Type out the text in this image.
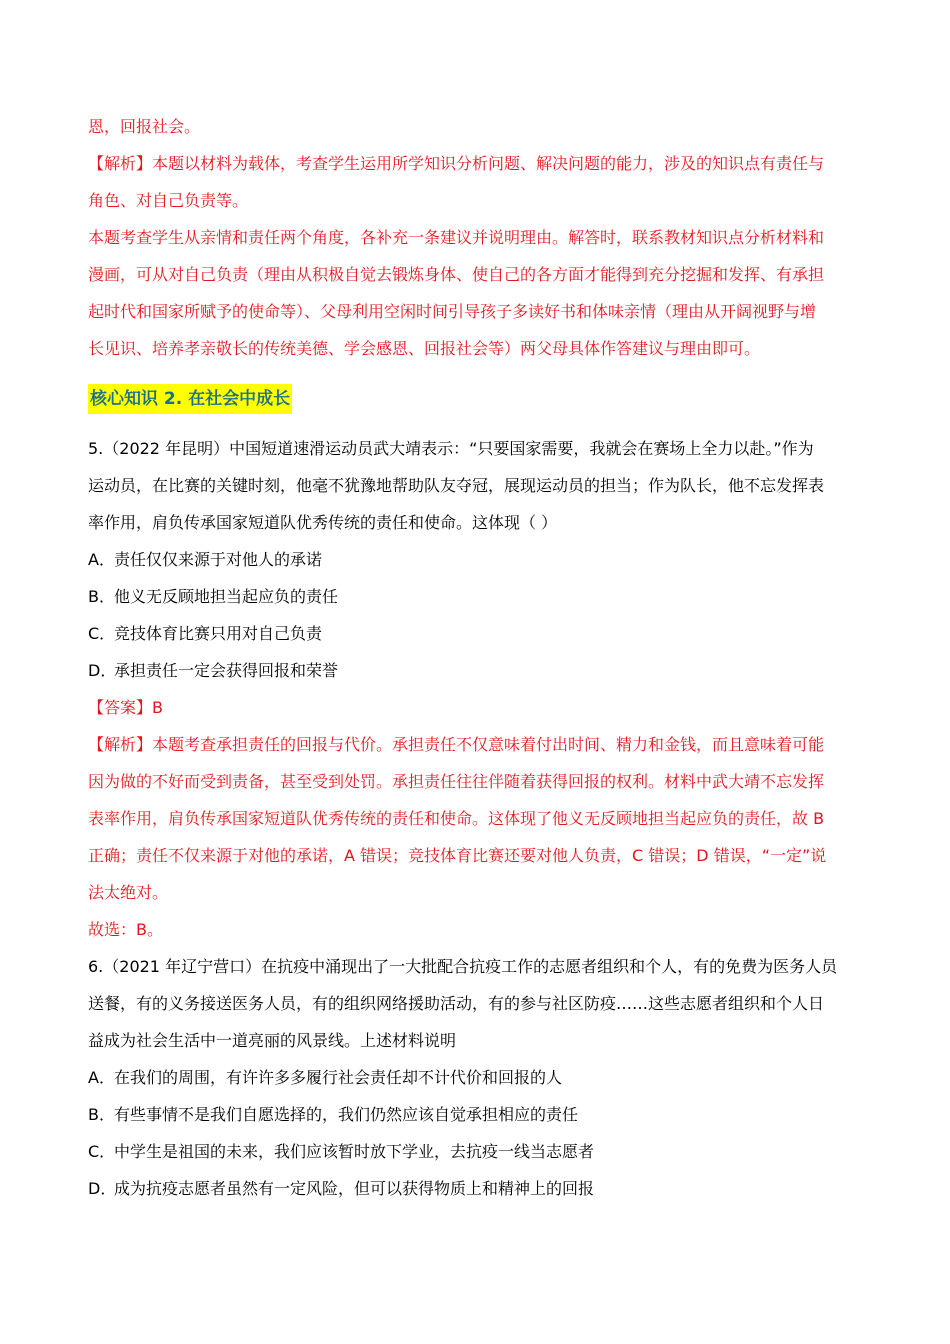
恩，回报社会。
【解析】本题以材料为载体，考查学生运用所学知识分析问题、解决问题的能力，涉及的知识点有责任与
角色、对自己负责等。
本题考查学生从亲情和责任两个角度，各补充一条建议并说明理由。解答时，联系教材知识点分析材料和
漫画，可从对自己负责（理由从积极自觉去锻炼身体、使自己的各方面才能得到充分挖掘和发挥、有承担
起时代和国家所赋予的使命等）、父母利用空闲时间引导孩子多读好书和体味亲情（理由从开阔视野与增
长见识、培养孝亲敬长的传统美德、学会感恩、回报社会等）两父母具体作答建议与理由即可。
核心知识 2. 在社会中成长
5.（2022 年昆明）中国短道速滑运动员武大靖表示：“只要国家需要，我就会在赛场上全力以赴。”作为
运动员，在比赛的关键时刻，他毫不犹豫地帮助队友夺冠，展现运动员的担当；作为队长，他不忘发挥表
率作用，肩负传承国家短道队优秀传统的责任和使命。这体现（ ）
A．责任仅仅来源于对他人的承诺
B．他义无反顾地担当起应负的责任
C．竞技体育比赛只用对自己负责
D．承担责任一定会获得回报和荣誉
【答案】B
【解析】本题考查承担责任的回报与代价。承担责任不仅意味着付出时间、精力和金钱，而且意味着可能
因为做的不好而受到责备，甚至受到处罚。承担责任往往伴随着获得回报的权利。材料中武大靖不忘发挥
表率作用，肩负传承国家短道队优秀传统的责任和使命。这体现了他义无反顾地担当起应负的责任，故 B
正确；责任不仅来源于对他的承诺，A 错误；竞技体育比赛还要对他人负责，C 错误；D 错误，“一定”说
法太绝对。
故选：B。
6.（2021 年辽宁营口）在抗疫中涌现出了一大批配合抗疫工作的志愿者组织和个人，有的免费为医务人员
送餐，有的义务接送医务人员，有的组织网络援助活动，有的参与社区防疫……这些志愿者组织和个人日
益成为社会生活中一道亮丽的风景线。上述材料说明
A．在我们的周围，有许许多多履行社会责任却不计代价和回报的人
B．有些事情不是我们自愿选择的，我们仍然应该自觉承担相应的责任
C．中学生是祖国的未来，我们应该暂时放下学业，去抗疫一线当志愿者
D．成为抗疫志愿者虽然有一定风险，但可以获得物质上和精神上的回报
